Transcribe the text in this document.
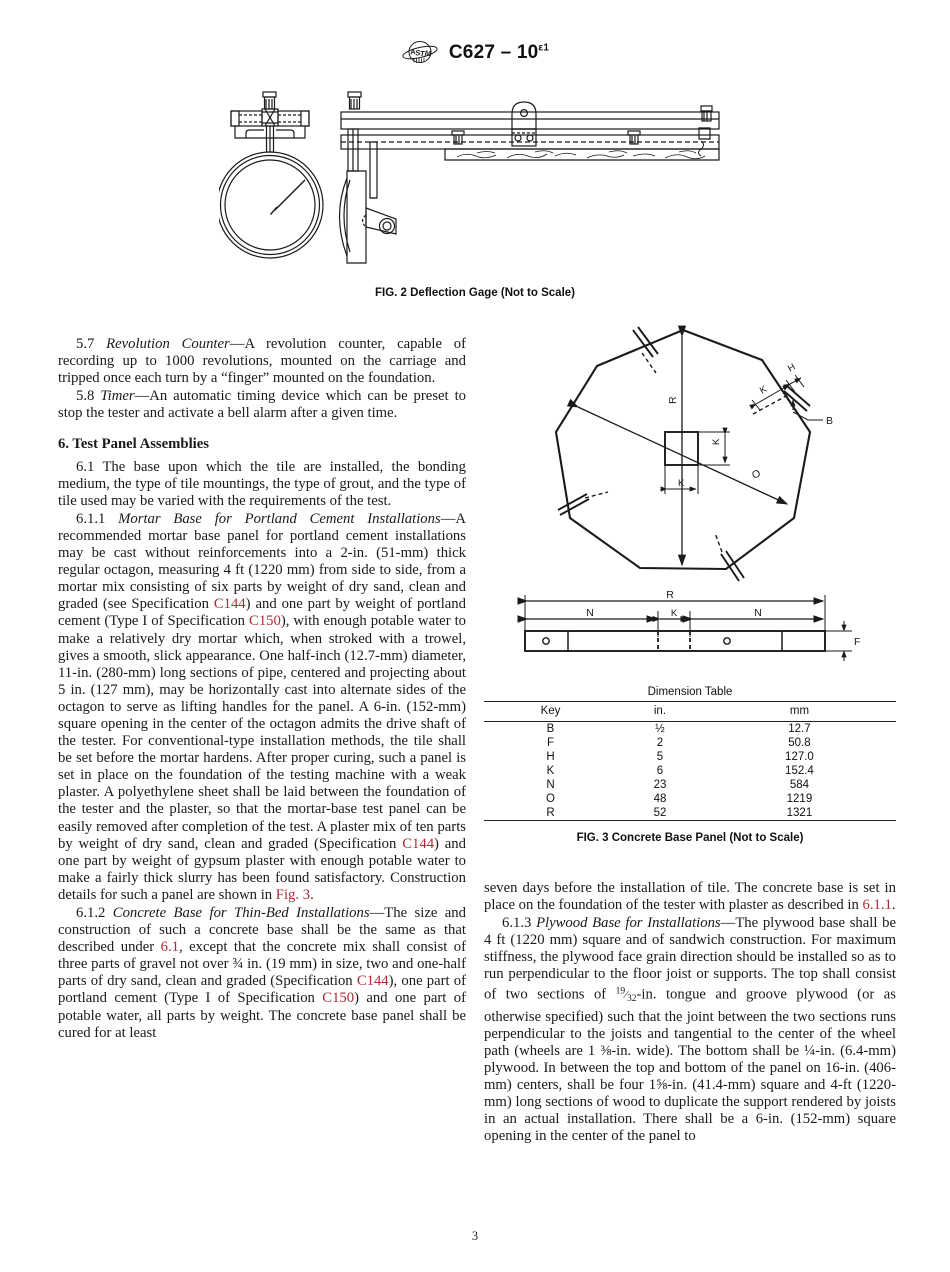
A
S T M $C627 - 10^{\varepsilon 1}$
FIG. 2 Deflection Gage (Not to Scale)

5.7 Revolution Counter—A revolution counter, capable of recording up to 1000 revolutions, mounted on the carriage and tripped once each turn by a “finger” mounted on the foundation.

5.8 Timer—An automatic timing device which can be preset to stop the tester and activate a bell alarm after a given time.

6. Test Panel Assemblies

6.1 The base upon which the tile are installed, the bonding medium, the type of tile mountings, the type of grout, and the type of tile used may be varied with the requirements of the test.

6.1.1 Mortar Base for Portland Cement Installations—A recommended mortar base panel for portland cement installations may be cast without reinforcements into a 2-in. (51-mm) thick regular octagon, measuring 4 ft (1220 mm) from side to side, from a mortar mix consisting of six parts by weight of dry sand, clean and graded (see Specification C144) and one part by weight of portland cement (Type I of Specification C150), with enough potable water to make a relatively dry mortar which, when stroked with a trowel, gives a smooth, slick appearance. One half-inch (12.7-mm) diameter, 11-in. (280-mm) long sections of pipe, centered and projecting about 5 in. (127 mm), may be horizontally cast into alternate sides of the octagon to serve as lifting handles for the panel. A 6-in. (152-mm) square opening in the center of the octagon admits the drive shaft of the tester. For conventional-type installation methods, the tile shall be set before the mortar hardens. After proper curing, such a panel is set in place on the foundation of the testing machine with a weak plaster. A polyethylene sheet shall be laid between the foundation of the tester and the plaster, so that the mortar-base test panel can be easily removed after completion of the test. A plaster mix of ten parts by weight of dry sand, clean and graded (Specification C144) and one part by weight of gypsum plaster with enough potable water to make a fairly thick slurry has been found satisfactory. Construction details for such a panel are shown in Fig. 3.

6.1.2 Concrete Base for Thin-Bed Installations—The size and construction of such a concrete base shall be the same as that described under 6.1, except that the concrete mix shall consist of three parts of gravel not over ¾ in. (19 mm) in size, two and one-half parts of dry sand, clean and graded (Specification C144), one part of portland cement (Type I of Specification C150) and one part of potable water, all parts by weight. The concrete base panel shall be cured for at least

R
O
K
K
K
H
B
R
N	N
K
F
Dimension Table
Key	in.	mm
B	½	12.7
F	2	50.8
H	5	127.0
K	6	152.4
N	23	584
O	48	1219
R	52	1321
FIG. 3 Concrete Base Panel (Not to Scale)

seven days before the installation of tile. The concrete base is set in place on the foundation of the tester with plaster as described in 6.1.1.

6.1.3 Plywood Base for Installations—The plywood base shall be 4 ft (1220 mm) square and of sandwich construction. For maximum stiffness, the plywood face grain direction should be installed so as to run perpendicular to the floor joist or supports. The top shall consist of two sections of $^{19}⁄_{32}-in$. tongue and groove plywood (or as otherwise specified) such that the joint between the two sections runs perpendicular to the joists and tangential to the center of the wheel path (wheels are 1 ⅜-in. wide). The bottom shall be ¼-in. (6.4-mm) plywood. In between the top and bottom of the panel on 16-in. (406-mm) centers, shall be four 1⅝-in. (41.4-mm) square and 4-ft (1220-mm) long sections of wood to duplicate the support rendered by joists in an actual installation. There shall be a 6-in. (152-mm) square opening in the center of the panel to

3
